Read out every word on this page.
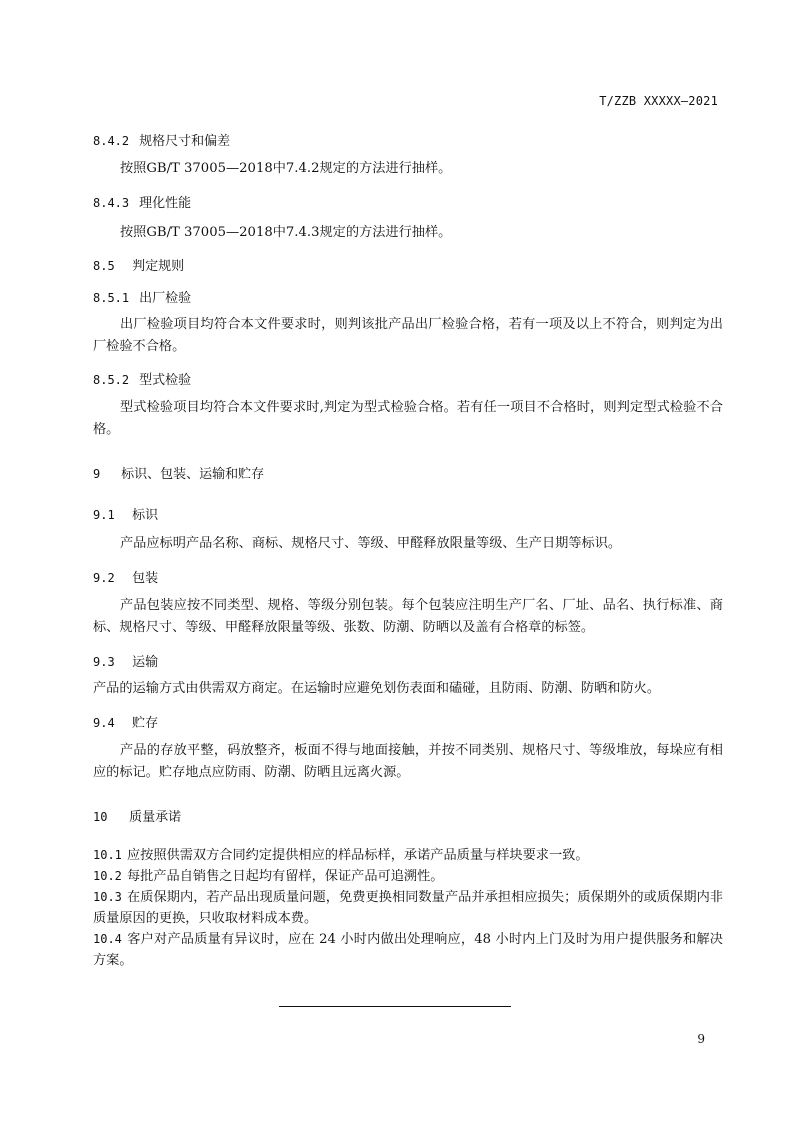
T/ZZB XXXXX—2021
8.4.2 规格尺寸和偏差
按照GB/T 37005—2018中7.4.2规定的方法进行抽样。
8.4.3 理化性能
按照GB/T 37005—2018中7.4.3规定的方法进行抽样。
8.5 判定规则
8.5.1 出厂检验
出厂检验项目均符合本文件要求时，则判该批产品出厂检验合格，若有一项及以上不符合，则判定为出厂检验不合格。
8.5.2 型式检验
型式检验项目均符合本文件要求时,判定为型式检验合格。若有任一项目不合格时，则判定型式检验不合格。
9 标识、包装、运输和贮存
9.1 标识
产品应标明产品名称、商标、规格尺寸、等级、甲醛释放限量等级、生产日期等标识。
9.2 包装
产品包装应按不同类型、规格、等级分别包装。每个包装应注明生产厂名、厂址、品名、执行标准、商标、规格尺寸、等级、甲醛释放限量等级、张数、防潮、防晒以及盖有合格章的标签。
9.3 运输
产品的运输方式由供需双方商定。在运输时应避免划伤表面和磕碰，且防雨、防潮、防晒和防火。
9.4 贮存
产品的存放平整，码放整齐，板面不得与地面接触，并按不同类别、规格尺寸、等级堆放，每垛应有相应的标记。贮存地点应防雨、防潮、防晒且远离火源。
10 质量承诺
10.1 应按照供需双方合同约定提供相应的样品标样，承诺产品质量与样块要求一致。
10.2 每批产品自销售之日起均有留样，保证产品可追溯性。
10.3 在质保期内，若产品出现质量问题，免费更换相同数量产品并承担相应损失；质保期外的或质保期内非质量原因的更换，只收取材料成本费。
10.4 客户对产品质量有异议时，应在 24 小时内做出处理响应，48 小时内上门及时为用户提供服务和解决方案。
9
